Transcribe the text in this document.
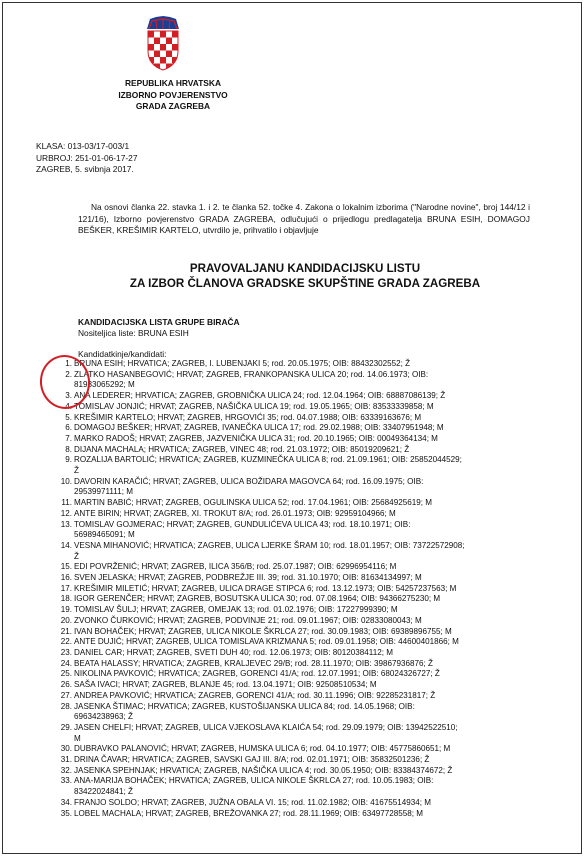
REPUBLIKA HRVATSKA
IZBORNO POVJERENSTVO
GRADA ZAGREBA
KLASA: 013-03/17-003/1
URBROJ: 251-01-06-17-27
ZAGREB, 5. svibnja 2017.

Na osnovi članka 22. stavka 1. i 2. te članka 52. točke 4. Zakona o lokalnim izborima ("Narodne novine", broj 144/12 i 121/16), Izborno povjerenstvo GRADA ZAGREBA, odlučujući o prijedlogu predlagatelja BRUNA ESIH, DOMAGOJ BEŠKER, KREŠIMIR KARTELO, utvrdilo je, prihvatilo i objavljuje

PRAVOVALJANU KANDIDACIJSKU LISTU
ZA IZBOR ČLANOVA GRADSKE SKUPŠTINE GRADA ZAGREBA
KANDIDACIJSKA LISTA GRUPE BIRAČA
Nositeljica liste: BRUNA ESIH
Kandidatkinje/kandidati:
1. BRUNA ESIH; HRVATICA; ZAGREB, I. LUBENJAKI 5; rod. 20.05.1975; OIB: 88432302552; Ž
2. ZLATKO HASANBEGOVIĆ; HRVAT; ZAGREB, FRANKOPANSKA ULICA 20; rod. 14.06.1973; OIB:
81983065292; M
3. ANA LEDERER; HRVATICA; ZAGREB, GROBNIČKA ULICA 24; rod. 12.04.1964; OIB: 68887086139; Ž
4. TOMISLAV JONJIĆ; HRVAT; ZAGREB, NAŠIČKA ULICA 19; rod. 19.05.1965; OIB: 83533339858; M
5. KREŠIMIR KARTELO; HRVAT; ZAGREB, HRGOVIĆI 35; rod. 04.07.1988; OIB: 63339163676; M
6. DOMAGOJ BEŠKER; HRVAT; ZAGREB, IVANEČKA ULICA 17; rod. 29.02.1988; OIB: 33407951948; M
7. MARKO RADOŠ; HRVAT; ZAGREB, JAZVENIČKA ULICA 31; rod. 20.10.1965; OIB: 00049364134; M
8. DIJANA MACHALA; HRVATICA; ZAGREB, VINEC 48; rod. 21.03.1972; OIB: 85019209621; Ž
9. ROZALIJA BARTOLIĆ; HRVATICA; ZAGREB, KUZMINEČKA ULICA 8; rod. 21.09.1961; OIB: 25852044529;
Ž
10. DAVORIN KARAČIĆ; HRVAT; ZAGREB, ULICA BOŽIDARA MAGOVCA 64; rod. 16.09.1975; OIB:
29539971111; M
11. MARTIN BABIĆ; HRVAT; ZAGREB, OGULINSKA ULICA 52; rod. 17.04.1961; OIB: 25684925619; M
12. ANTE BIRIN; HRVAT; ZAGREB, XI. TROKUT 8/A; rod. 26.01.1973; OIB: 92959104966; M
13. TOMISLAV GOJMERAC; HRVAT; ZAGREB, GUNDULIĆEVA ULICA 43; rod. 18.10.1971; OIB:
56989465091; M
14. VESNA MIHANOVIĆ; HRVATICA; ZAGREB, ULICA LJERKE ŠRAM 10; rod. 18.01.1957; OIB: 73722572908;
Ž
15. EDI POVRŽENIĆ; HRVAT; ZAGREB, ILICA 356/B; rod. 25.07.1987; OIB: 62996954116; M
16. SVEN JELASKA; HRVAT; ZAGREB, PODBREŽJE III. 39; rod. 31.10.1970; OIB: 81634134997; M
17. KREŠIMIR MILETIĆ; HRVAT; ZAGREB, ULICA DRAGE STIPCA 6; rod. 13.12.1973; OIB: 54257237563; M
18. IGOR GERENČER; HRVAT; ZAGREB, BOSUTSKA ULICA 30; rod. 07.08.1964; OIB: 94366275230; M
19. TOMISLAV ŠULJ; HRVAT; ZAGREB, OMEJAK 13; rod. 01.02.1976; OIB: 17227999390; M
20. ZVONKO ČURKOVIĆ; HRVAT; ZAGREB, PODVINJE 21; rod. 09.01.1967; OIB: 02833080043; M
21. IVAN BOHAČEK; HRVAT; ZAGREB, ULICA NIKOLE ŠKRLCA 27; rod. 30.09.1983; OIB: 69389896755; M
22. ANTE DUJIĆ; HRVAT; ZAGREB, ULICA TOMISLAVA KRIZMANA 5; rod. 09.01.1958; OIB: 44600401866; M
23. DANIEL CAR; HRVAT; ZAGREB, SVETI DUH 40; rod. 12.06.1973; OIB: 80120384112; M
24. BEATA HALASSY; HRVATICA; ZAGREB, KRALJEVEC 29/B; rod. 28.11.1970; OIB: 39867936876; Ž
25. NIKOLINA PAVKOVIĆ; HRVATICA; ZAGREB, GORENCI 41/A; rod. 12.07.1991; OIB: 68024326727; Ž
26. SAŠA IVACI; HRVAT; ZAGREB, BLANJE 45; rod. 13.04.1971; OIB: 92508510534; M
27. ANDREA PAVKOVIĆ; HRVATICA; ZAGREB, GORENCI 41/A; rod. 30.11.1996; OIB: 92285231817; Ž
28. JASENKA ŠTIMAC; HRVATICA; ZAGREB, KUSTOŠIJANSKA ULICA 84; rod. 14.05.1968; OIB:
69634238963; Ž
29. JASEN CHELFI; HRVAT; ZAGREB, ULICA VJEKOSLAVA KLAIĆA 54; rod. 29.09.1979; OIB: 13942522510;
M
30. DUBRAVKO PALANOVIĆ; HRVAT; ZAGREB, HUMSKA ULICA 6; rod. 04.10.1977; OIB: 45775860651; M
31. DRINA ČAVAR; HRVATICA; ZAGREB, SAVSKI GAJ III. 8/A; rod. 02.01.1971; OIB: 35832501236; Ž
32. JASENKA SPEHNJAK; HRVATICA; ZAGREB, NAŠIČKA ULICA 4; rod. 30.05.1950; OIB: 83384374672; Ž
33. ANA-MARIJA BOHAČEK; HRVATICA; ZAGREB, ULICA NIKOLE ŠKRLCA 27; rod. 10.05.1983; OIB:
83422024841; Ž
34. FRANJO SOLDO; HRVAT; ZAGREB, JUŽNA OBALA VI. 15; rod. 11.02.1982; OIB: 41675514934; M
35. LOBEL MACHALA; HRVAT; ZAGREB, BREŽOVANKA 27; rod. 28.11.1969; OIB: 63497728558; M
